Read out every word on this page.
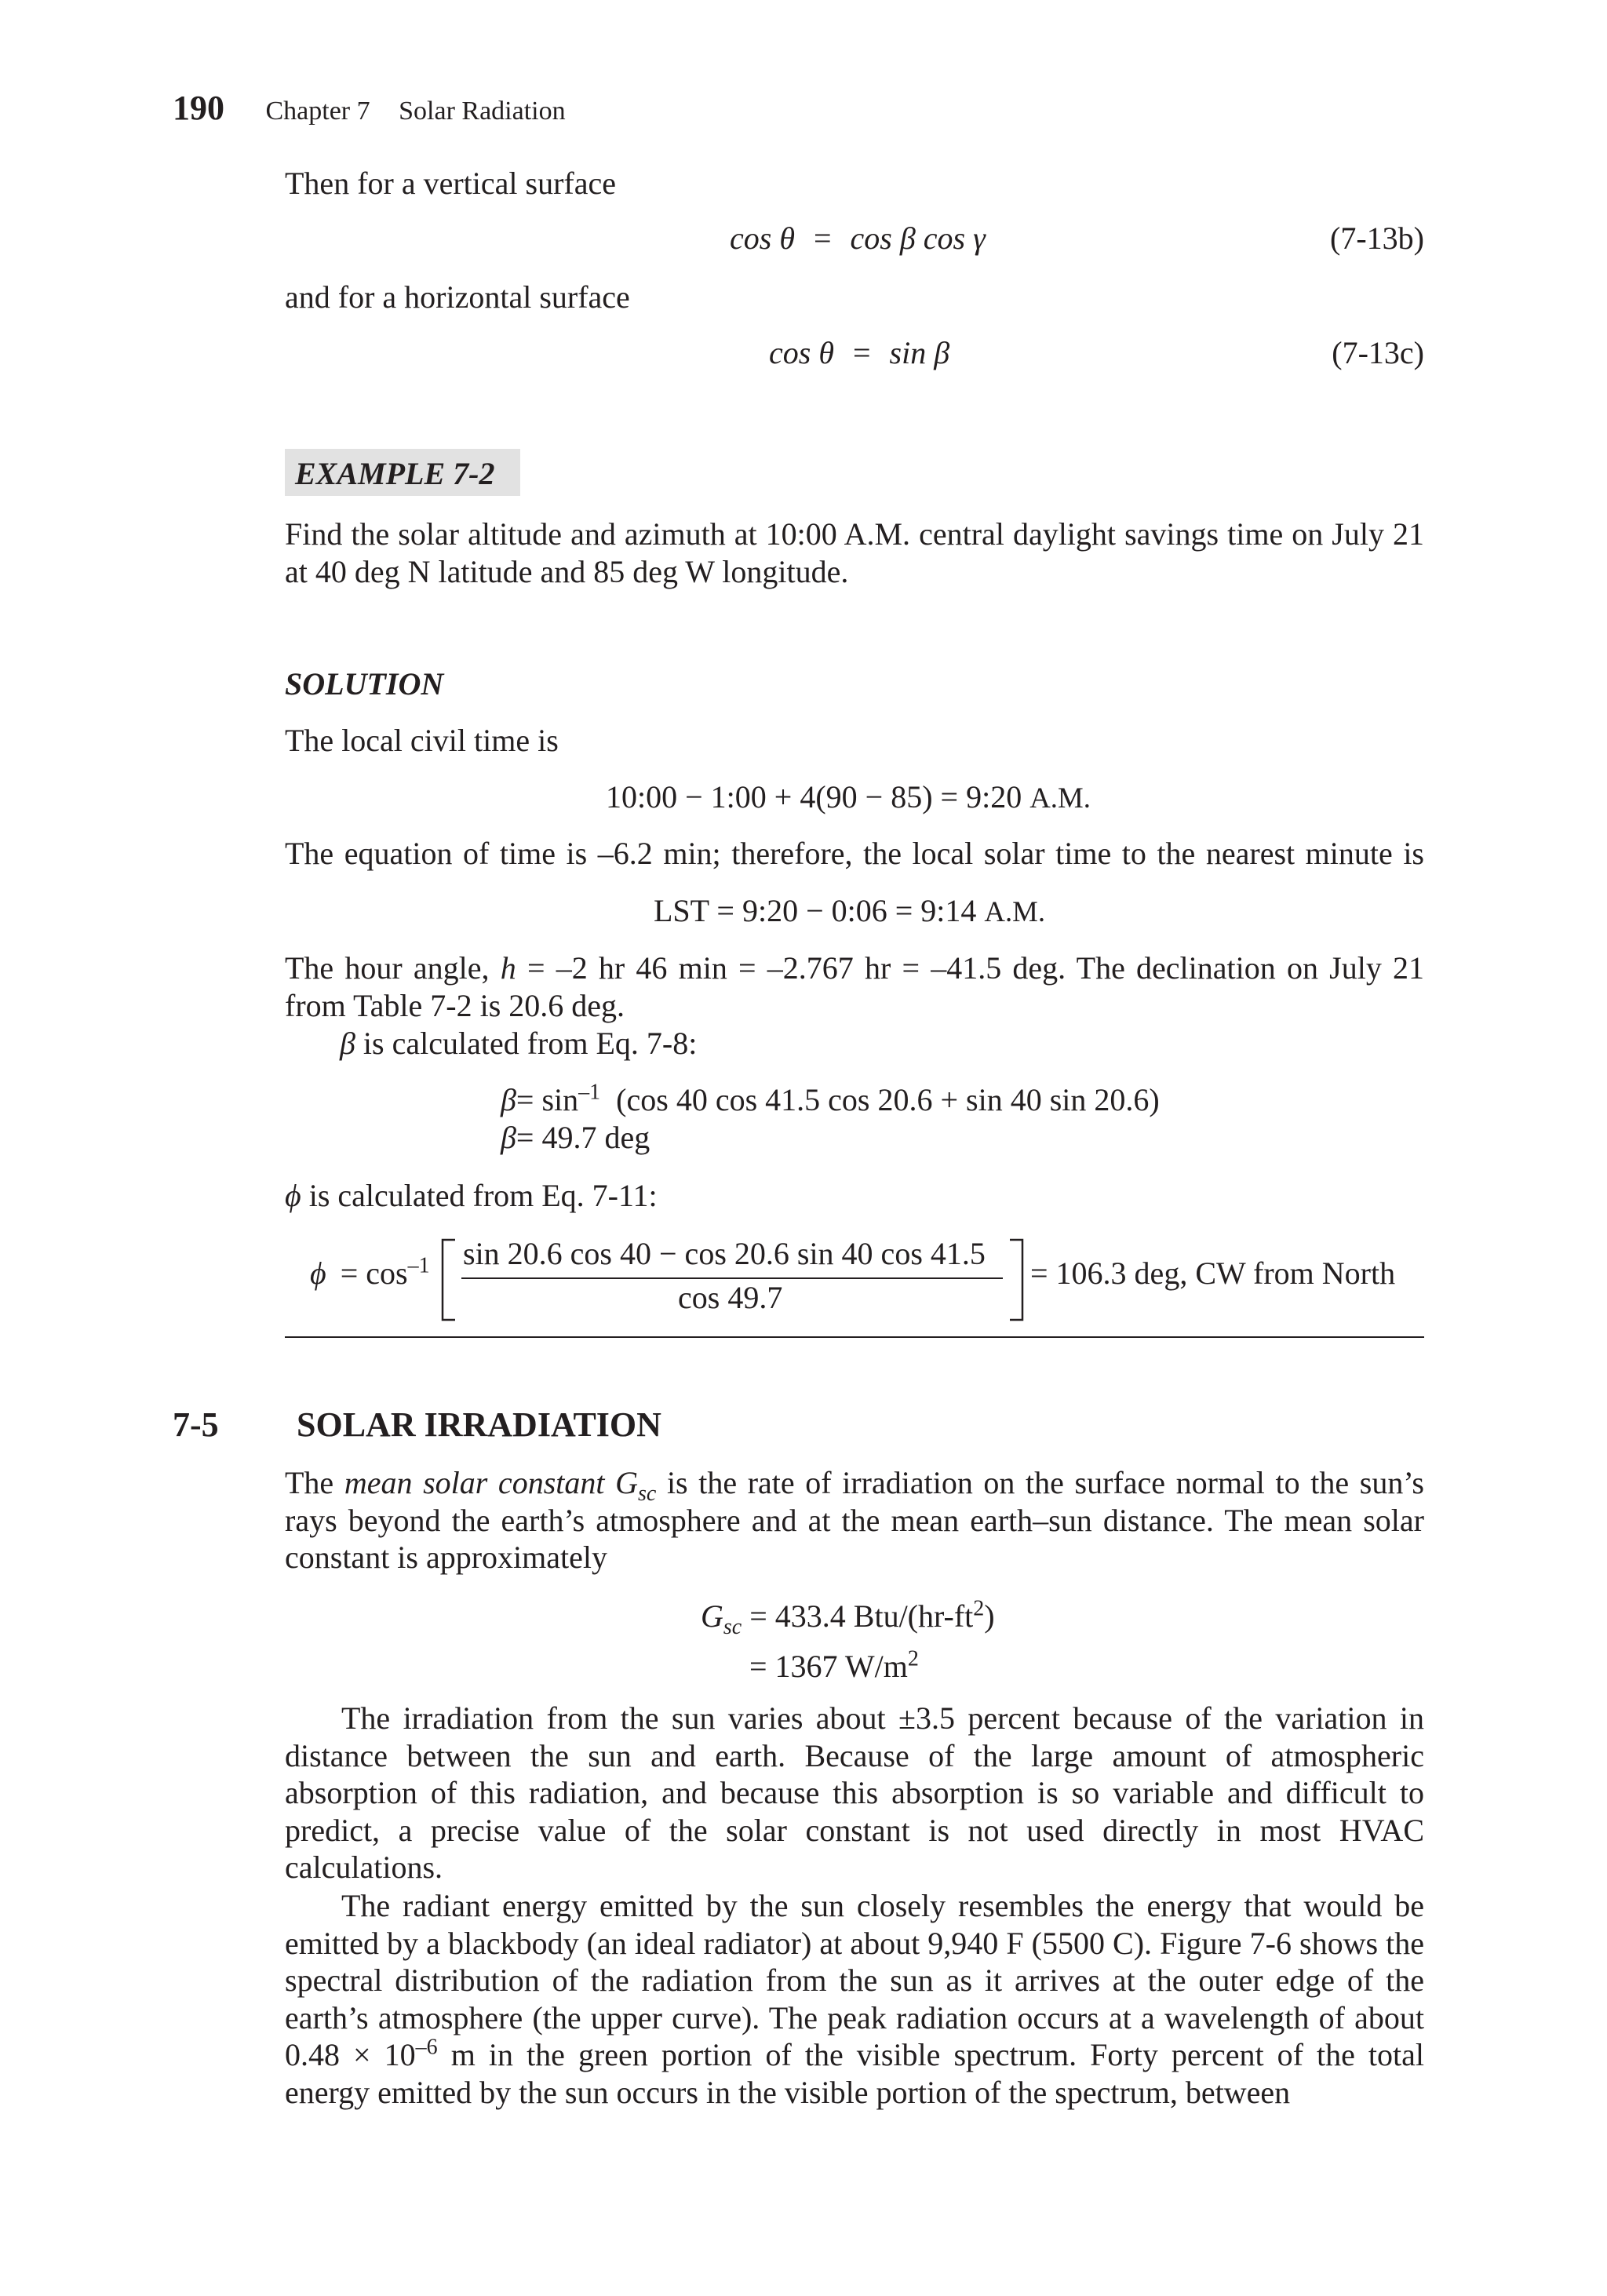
190 Chapter 7 Solar Radiation
Then for a vertical surface
cos θ = cos β cos γ	(7-13b)
and for a horizontal surface
cos θ = sin β	(7-13c)
EXAMPLE 7-2
Find the solar altitude and azimuth at 10:00 A.M. central daylight savings time on July 21 at 40 deg N latitude and 85 deg W longitude.
SOLUTION
The local civil time is
10:00 − 1:00 + 4(90 − 85) = 9:20 A.M.
The equation of time is –6.2 min; therefore, the local solar time to the nearest minute is
LST = 9:20 − 0:06 = 9:14 A.M.
The hour angle, h = –2 hr 46 min = –2.767 hr = –41.5 deg. The declination on July 21 from Table 7-2 is 20.6 deg.
β is calculated from Eq. 7-8:
$\beta= \sin^{-1} (\cos$ 40 cos 41.5 cos 20.6 + sin 40 sin 20.6)
β= 49.7 deg
ϕ is calculated from Eq. 7-11:
$\phi = \cos^{-1} \sin 20.6$ cos 40 − cos 20.6 sin 40 cos 41.5
cos 49.7
= 106.3 deg, CW from North
7-5 SOLAR IRRADIATION
The mean solar constant $G_{sc}$ is the rate of irradiation on the surface normal to the sun’s rays beyond the earth’s atmosphere and at the mean earth–sun distance. The mean solar constant is approximately
$G_{sc} = 433.4$ Btu/$(hr-ft^2)$
= 1367 $W/m^2$

The irradiation from the sun varies about ±3.5 percent because of the variation in distance between the sun and earth. Because of the large amount of atmospheric absorption of this radiation, and because this absorption is so variable and difficult to predict, a precise value of the solar constant is not used directly in most HVAC calculations.

The radiant energy emitted by the sun closely resembles the energy that would be emitted by a blackbody (an ideal radiator) at about 9,940 F (5500 C). Figure 7-6 shows the spectral distribution of the radiation from the sun as it arrives at the outer edge of the earth’s atmosphere (the upper curve). The peak radiation occurs at a wavelength of about $0.48 \times 10^{-6}$ m in the green portion of the visible spectrum. Forty percent of the total energy emitted by the sun occurs in the visible portion of the spectrum, between
